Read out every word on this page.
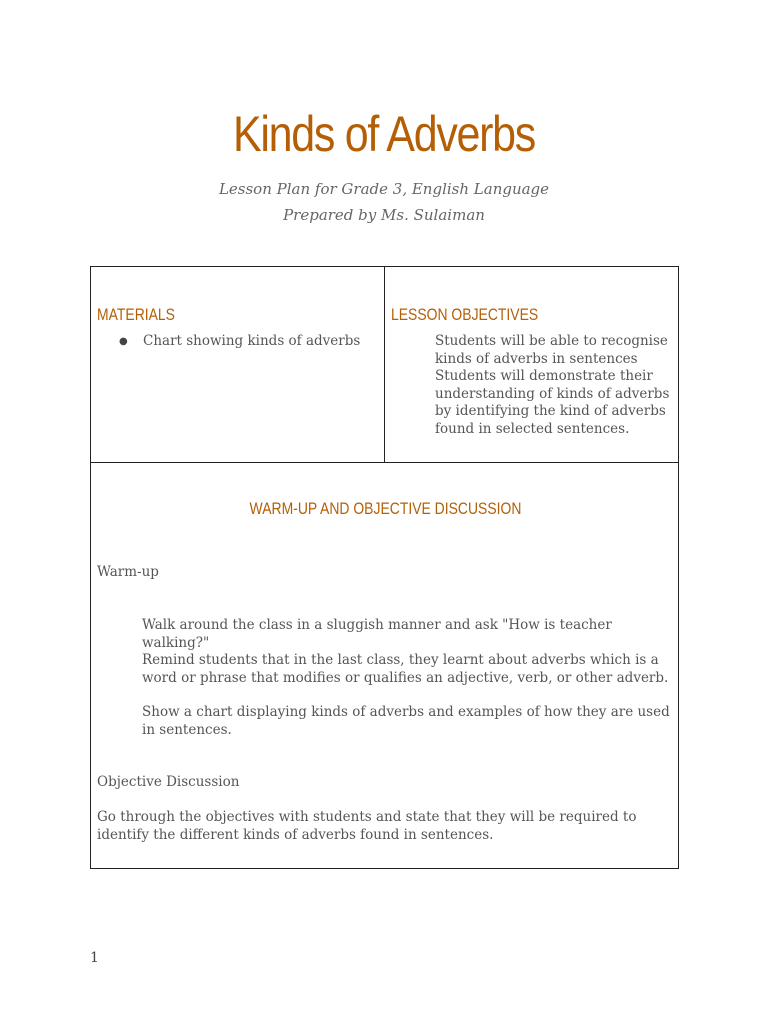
Kinds of Adverbs
Lesson Plan for Grade 3, English Language
Prepared by Ms. Sulaiman
MATERIALS
●	Chart showing kinds of adverbs
LESSON OBJECTIVES
Students will be able to recognise kinds of adverbs in sentences Students will demonstrate their understanding of kinds of adverbs by identifying the kind of adverbs found in selected sentences.
WARM-UP AND OBJECTIVE DISCUSSION
Warm-up
Walk around the class in a sluggish manner and ask "How is teacher walking?"
Remind students that in the last class, they learnt about adverbs which is a word or phrase that modifies or qualifies an adjective, verb, or other adverb.
Show a chart displaying kinds of adverbs and examples of how they are used in sentences.
Objective Discussion
Go through the objectives with students and state that they will be required to identify the different kinds of adverbs found in sentences.
1
